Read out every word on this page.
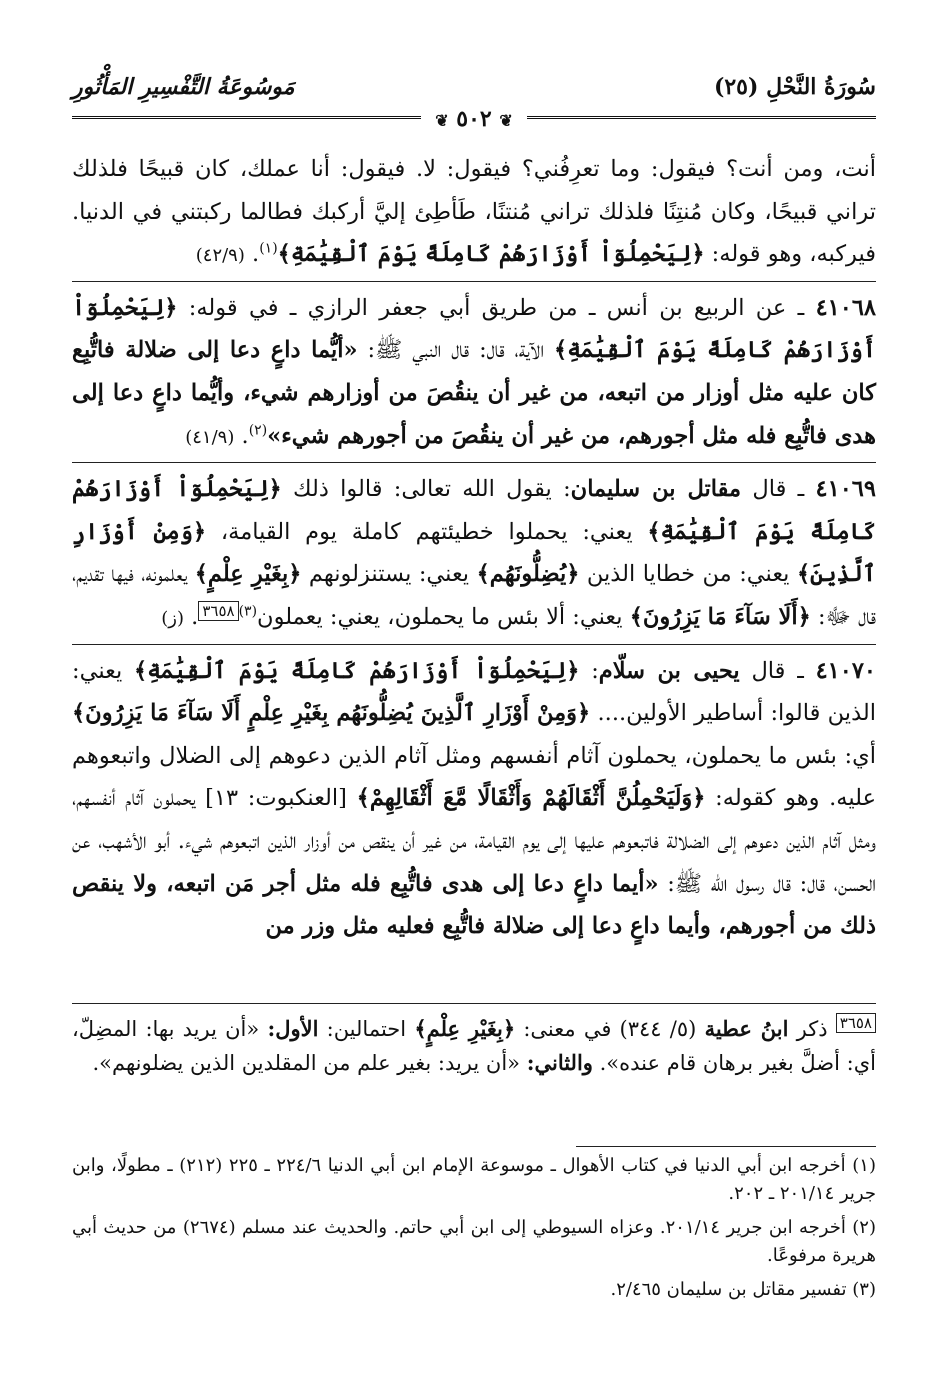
سُورَةُ النَّحْلِ (٢٥)
مَوسُوعَةُ التَّفْسِيرِ المَأْثُورِ
❦ ٥٠٢ ❦

أنت، ومن أنت؟ فيقول: وما تعرِفُني؟ فيقول: لا. فيقول: أنا عملك، كان قبيحًا فلذلك تراني قبيحًا، وكان مُنتِنًا فلذلك تراني مُنتنًا، طَأطِئ إليَّ أركبك فطالما ركبتني في الدنيا. فيركبه، وهو قوله: ﴿لِيَحْمِلُوٓاْ أَوْزَارَهُمْ كَامِلَةً يَوْمَ ٱلْقِيَٰمَةِ﴾$^{(١)}$. (٤٢/٩)

٤١٠٦٨ ـ عن الربيع بن أنس ـ من طريق أبي جعفر الرازي ـ في قوله: ﴿لِيَحْمِلُوٓاْ أَوْزَارَهُمْ كَامِلَةً يَوْمَ ٱلْقِيَٰمَةِ﴾ الآية، قال: قال النبي ﷺ: «أيُّما داعٍ دعا إلى ضلالة فاتُّبِع كان عليه مثل أوزار من اتبعه، من غير أن ينقُصَ من أوزارهم شيء، وأيُّما داعٍ دعا إلى هدى فاتُّبِع فله مثل أجورهم، من غير أن ينقُصَ من أجورهم شيء»$^{(٢)}$. (٤١/٩)

٤١٠٦٩ ـ قال مقاتل بن سليمان: يقول الله تعالى: قالوا ذلك ﴿لِيَحْمِلُوٓاْ أَوْزَارَهُمْ كَامِلَةً يَوْمَ ٱلْقِيَٰمَةِ﴾ يعني: يحملوا خطيئتهم كاملة يوم القيامة، ﴿وَمِنْ أَوْزَارِ ٱلَّذِينَ﴾ يعني: من خطايا الذين ﴿يُضِلُّونَهُم﴾ يعني: يستنزلونهم ﴿بِغَيْرِ عِلْمٍ﴾ يعلمونه، فيها تقديم، قال ﷻ: ﴿أَلَا سَآءَ مَا يَزِرُونَ﴾ يعني: ألا بئس ما يحملون، يعني: يعملون$^{(٣)}$٣٦٥٨. (ز)

٤١٠٧٠ ـ قال يحيى بن سلّام: ﴿لِيَحْمِلُوٓاْ أَوْزَارَهُمْ كَامِلَةً يَوْمَ ٱلْقِيَٰمَةِ﴾ يعني: الذين قالوا: أساطير الأولين.... ﴿وَمِنْ أَوْزَارِ ٱلَّذِينَ يُضِلُّونَهُم بِغَيْرِ عِلْمٍ أَلَا سَآءَ مَا يَزِرُونَ﴾ أي: بئس ما يحملون، يحملون آثام أنفسهم ومثل آثام الذين دعوهم إلى الضلال واتبعوهم عليه. وهو كقوله: ﴿وَلَيَحْمِلُنَّ أَثْقَالَهُمْ وَأَثْقَالًا مَّعَ أَثْقَالِهِمْ﴾ [العنكبوت: ١٣] يحملون آثام أنفسهم، ومثل آثام الذين دعوهم إلى الضلالة فاتبعوهم عليها إلى يوم القيامة، من غير أن ينقص من أوزار الذين اتبعوهم شيء. أبو الأشهب، عن الحسن، قال: قال رسول الله ﷺ: «أيما داعٍ دعا إلى هدى فاتُّبِع فله مثل أجر مَن اتبعه، ولا ينقص ذلك من أجورهم، وأيما داعٍ دعا إلى ضلالة فاتُّبِع فعليه مثل وزر من

٣٦٥٨ ذكر ابنُ عطية (٥/ ٣٤٤) في معنى: ﴿بِغَيْرِ عِلْمٍ﴾ احتمالين: الأول: «أن يريد بها: المضِلّ، أي: أضلَّ بغير برهان قام عنده». والثاني: «أن يريد: بغير علم من المقلدين الذين يضلونهم».

(١) أخرجه ابن أبي الدنيا في كتاب الأهوال ـ موسوعة الإمام ابن أبي الدنيا ٢٢٤/٦ ـ ٢٢٥ (٢١٢) ـ مطولًا، وابن جرير ٢٠١/١٤ ـ ٢٠٢.

(٢) أخرجه ابن جرير ٢٠١/١٤. وعزاه السيوطي إلى ابن أبي حاتم. والحديث عند مسلم (٢٦٧٤) من حديث أبي هريرة مرفوعًا.

(٣) تفسير مقاتل بن سليمان ٢/٤٦٥.
